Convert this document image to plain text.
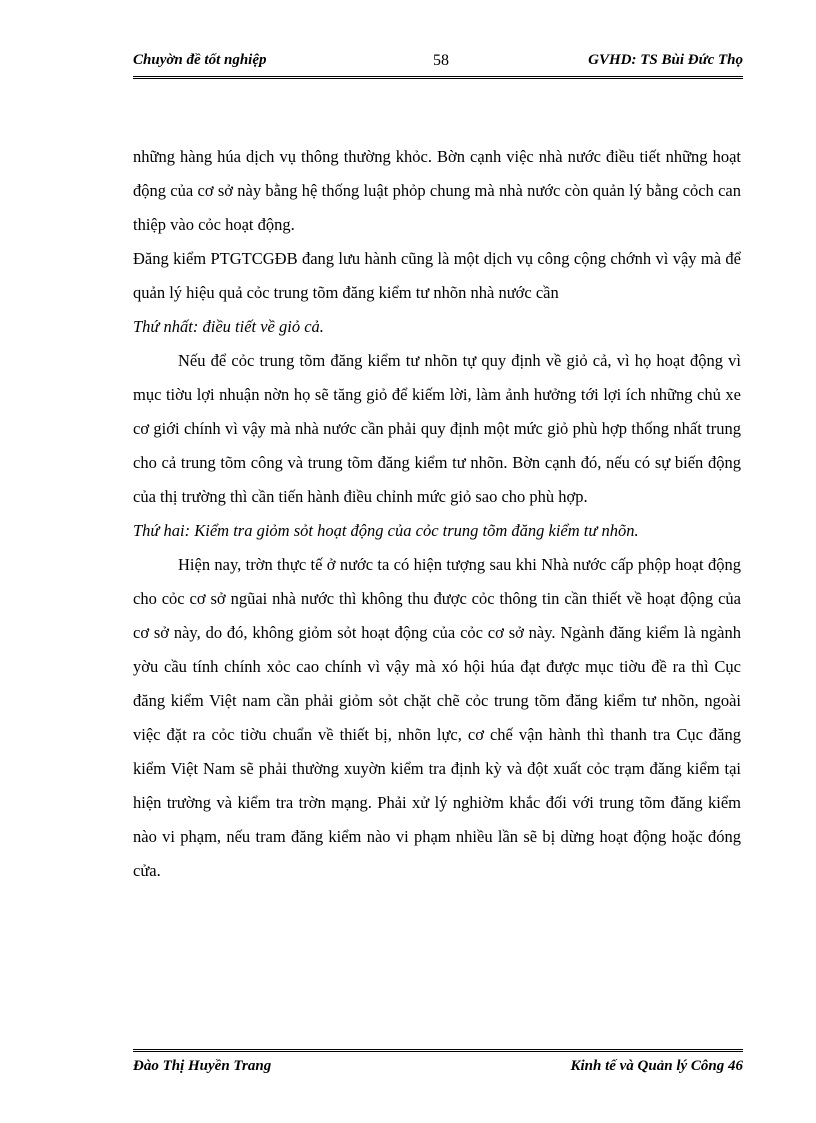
Chuyờn đề tốt nghiệp	58	GVHD: TS Bùi Đức Thọ

những hàng húa dịch vụ thông thường khỏc. Bờn cạnh việc nhà nước điều tiết những hoạt động của cơ sở này bằng hệ thống luật phỏp chung mà nhà nước còn quản lý bằng cỏch can thiệp vào cỏc hoạt động.

Đăng kiểm PTGTCGĐB đang lưu hành cũng là một dịch vụ công cộng chớnh vì vậy mà để quản lý hiệu quả cỏc trung tõm đăng kiểm tư nhõn nhà nước cần

Thứ nhất: điều tiết về giỏ cả.

Nếu để cỏc trung tõm đăng kiểm tư nhõn tự quy định về giỏ cả, vì họ hoạt động vì mục tiờu lợi nhuận nờn họ sẽ tăng giỏ để kiếm lời, làm ảnh hưởng tới lợi ích những chủ xe cơ giới chính vì vậy mà nhà nước cần phải quy định một mức giỏ phù hợp thống nhất trung cho cả trung tõm công và trung tõm đăng kiểm tư nhõn. Bờn cạnh đó, nếu có sự biến động của thị trường thì cần tiến hành điều chỉnh mức giỏ sao cho phù hợp.

Thứ hai: Kiểm tra giỏm sỏt hoạt động của cỏc trung tõm đăng kiểm tư nhõn.

Hiện nay, trờn thực tế ở nước ta có hiện tượng sau khi Nhà nước cấp phộp hoạt động cho cỏc cơ sở ngũai nhà nước thì không thu được cỏc thông tin cần thiết về hoạt động của cơ sở này, do đó, không giỏm sỏt hoạt động của cỏc cơ sở này. Ngành đăng kiểm là ngành yờu cầu tính chính xỏc cao chính vì vậy mà xó hội húa đạt được mục tiờu đề ra thì Cục đăng kiểm Việt nam cần phải giỏm sỏt chặt chẽ cỏc trung tõm đăng kiểm tư nhõn, ngoài việc đặt ra cỏc tiờu chuẩn về thiết bị, nhõn lực, cơ chế vận hành thì thanh tra Cục đăng kiểm Việt Nam sẽ phải thường xuyờn kiểm tra định kỳ và đột xuất cỏc trạm đăng kiểm tại hiện trường và kiểm tra trờn mạng. Phải xử lý nghiờm khắc đối với trung tõm đăng kiểm nào vi phạm, nếu tram đăng kiểm nào vi phạm nhiều lần sẽ bị dừng hoạt động hoặc đóng cửa.

Đào Thị Huyền Trang	Kinh tế và Quản lý Công 46
